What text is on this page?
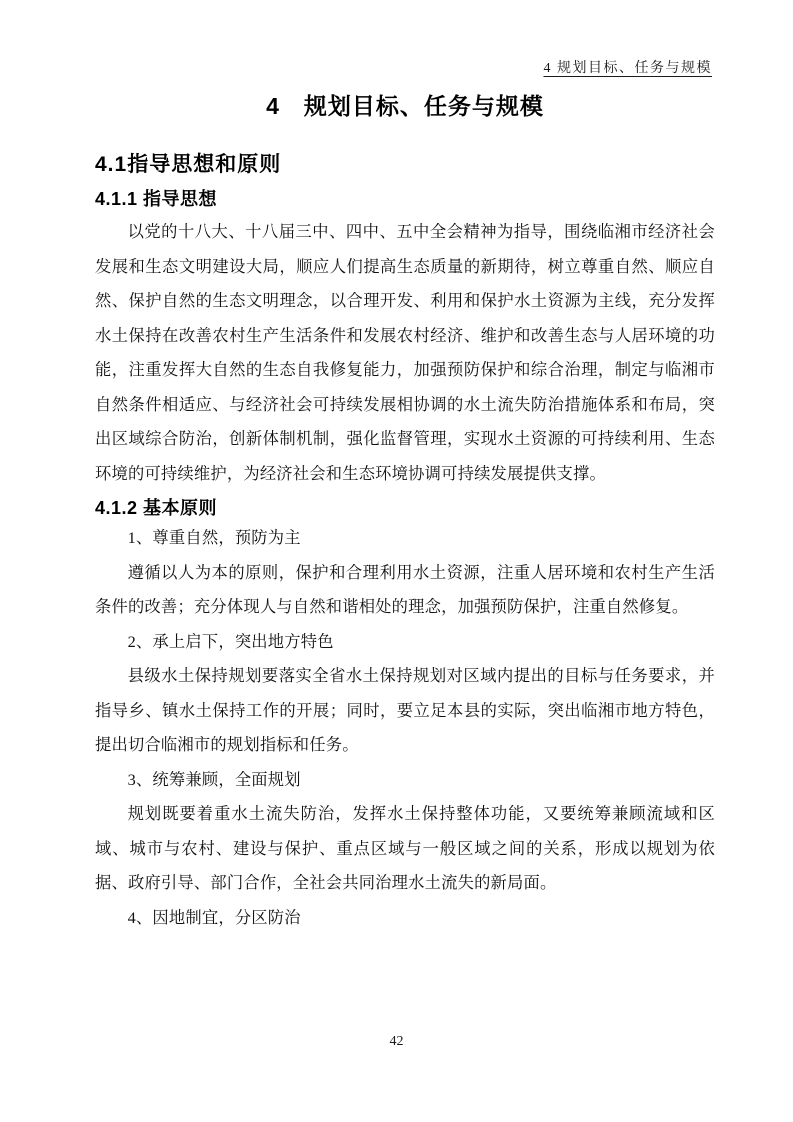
4 规划目标、任务与规模
4　规划目标、任务与规模
4.1指导思想和原则
4.1.1 指导思想

以党的十八大、十八届三中、四中、五中全会精神为指导，围绕临湘市经济社会发展和生态文明建设大局，顺应人们提高生态质量的新期待，树立尊重自然、顺应自然、保护自然的生态文明理念，以合理开发、利用和保护水土资源为主线，充分发挥水土保持在改善农村生产生活条件和发展农村经济、维护和改善生态与人居环境的功能，注重发挥大自然的生态自我修复能力，加强预防保护和综合治理，制定与临湘市自然条件相适应、与经济社会可持续发展相协调的水土流失防治措施体系和布局，突出区域综合防治，创新体制机制，强化监督管理，实现水土资源的可持续利用、生态环境的可持续维护，为经济社会和生态环境协调可持续发展提供支撑。

4.1.2 基本原则

1、尊重自然，预防为主

遵循以人为本的原则，保护和合理利用水土资源，注重人居环境和农村生产生活条件的改善；充分体现人与自然和谐相处的理念，加强预防保护，注重自然修复。

2、承上启下，突出地方特色

县级水土保持规划要落实全省水土保持规划对区域内提出的目标与任务要求，并指导乡、镇水土保持工作的开展；同时，要立足本县的实际，突出临湘市地方特色，提出切合临湘市的规划指标和任务。

3、统筹兼顾，全面规划

规划既要着重水土流失防治，发挥水土保持整体功能，又要统筹兼顾流域和区域、城市与农村、建设与保护、重点区域与一般区域之间的关系，形成以规划为依据、政府引导、部门合作，全社会共同治理水土流失的新局面。

4、因地制宜，分区防治

42
